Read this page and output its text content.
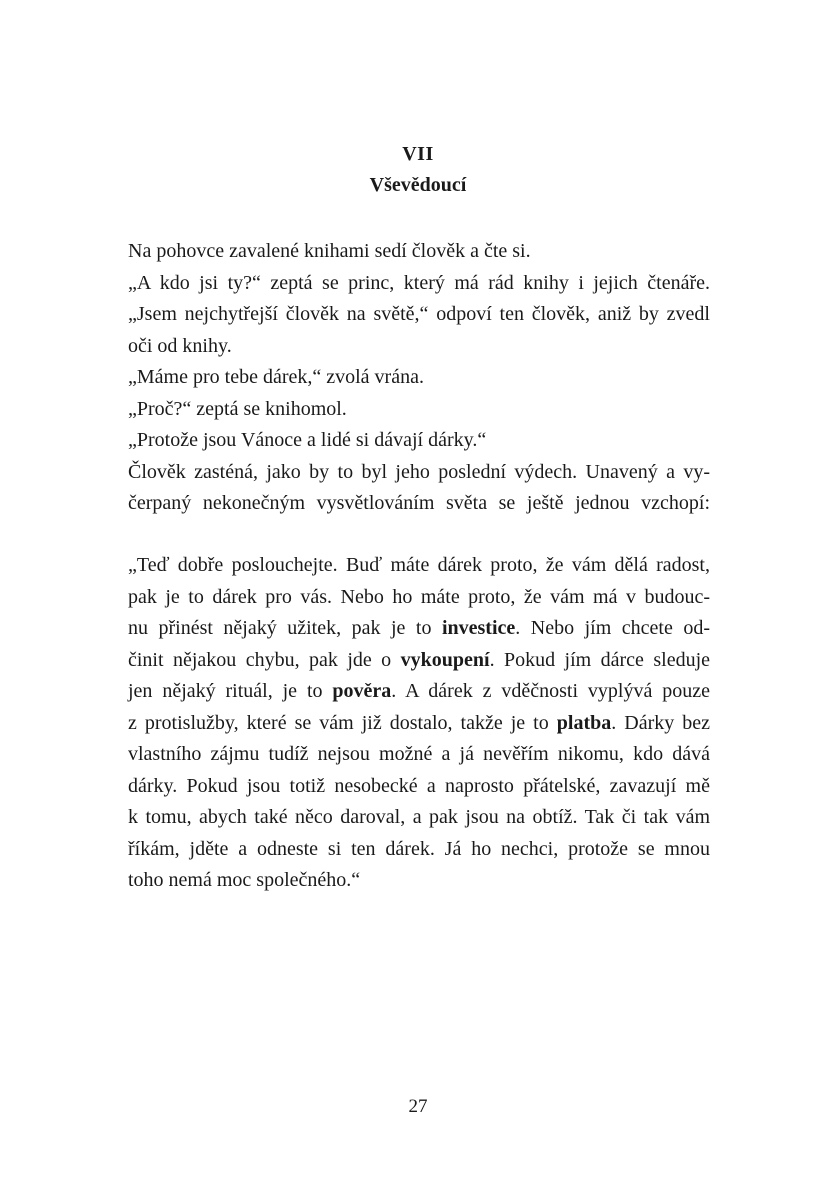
VII
Vševědoucí
Na pohovce zavalené knihami sedí člověk a čte si.
„A kdo jsi ty?“ zeptá se princ, který má rád knihy i jejich čtenáře.
„Jsem nejchytřejší člověk na světě,“ odpoví ten člověk, aniž by zvedl
oči od knihy.
„Máme pro tebe dárek,“ zvolá vrána.
„Proč?“ zeptá se knihomol.
„Protože jsou Vánoce a lidé si dávají dárky.“
Člověk zasténá, jako by to byl jeho poslední výdech. Unavený a vy-
čerpaný nekonečným vysvětlováním světa se ještě jednou vzchopí:
„Teď dobře poslouchejte. Buď máte dárek proto, že vám dělá radost,
pak je to dárek pro vás. Nebo ho máte proto, že vám má v budouc-
nu přinést nějaký užitek, pak je to investice. Nebo jím chcete od-
činit nějakou chybu, pak jde o vykoupení. Pokud jím dárce sleduje
jen nějaký rituál, je to pověra. A dárek z vděčnosti vyplývá pouze
z protislužby, které se vám již dostalo, takže je to platba. Dárky bez
vlastního zájmu tudíž nejsou možné a já nevěřím nikomu, kdo dává
dárky. Pokud jsou totiž nesobecké a naprosto přátelské, zavazují mě
k tomu, abych také něco daroval, a pak jsou na obtíž. Tak či tak vám
říkám, jděte a odneste si ten dárek. Já ho nechci, protože se mnou
toho nemá moc společného.“
27
